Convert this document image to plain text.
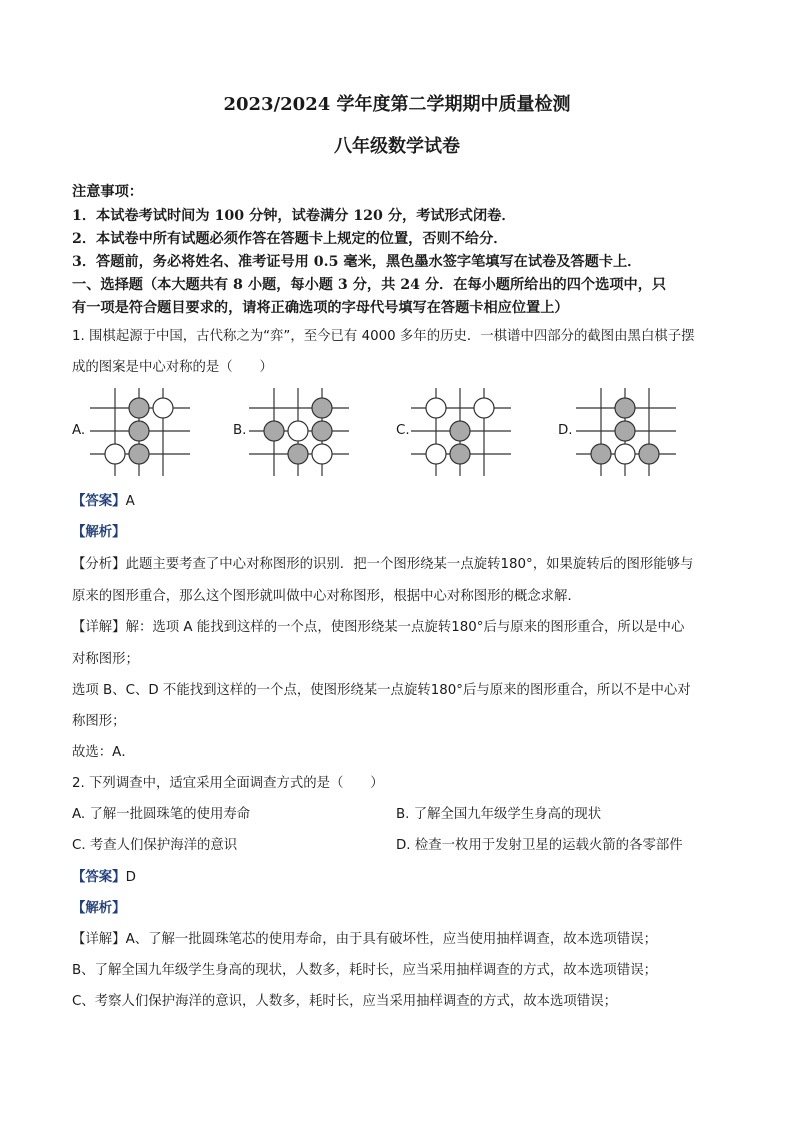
2023/2024 学年度第二学期期中质量检测
八年级数学试卷
注意事项：
1．本试卷考试时间为 100 分钟，试卷满分 120 分，考试形式闭卷．
2．本试卷中所有试题必须作答在答题卡上规定的位置，否则不给分．
3．答题前，务必将姓名、准考证号用 0.5 毫米，黑色墨水签字笔填写在试卷及答题卡上．
一、选择题（本大题共有 8 小题，每小题 3 分，共 24 分．在每小题所给出的四个选项中，只
有一项是符合题目要求的，请将正确选项的字母代号填写在答题卡相应位置上）
1. 围棋起源于中国，古代称之为“弈”，至今已有 4000 多年的历史．一棋谱中四部分的截图由黑白棋子摆
成的图案是中心对称的是（　　）
A.	B.	C.	D.
【答案】A
【解析】
【分析】此题主要考查了中心对称图形的识别．把一个图形绕某一点旋转180°，如果旋转后的图形能够与
原来的图形重合，那么这个图形就叫做中心对称图形，根据中心对称图形的概念求解．
【详解】解：选项 A 能找到这样的一个点，使图形绕某一点旋转180°后与原来的图形重合，所以是中心
对称图形；
选项 B、C、D 不能找到这样的一个点，使图形绕某一点旋转180°后与原来的图形重合，所以不是中心对
称图形；
故选：A．
2. 下列调查中，适宜采用全面调查方式的是（　　）
A. 了解一批圆珠笔的使用寿命	B. 了解全国九年级学生身高的现状
C. 考查人们保护海洋的意识	D. 检查一枚用于发射卫星的运载火箭的各零部件
【答案】D
【解析】
【详解】A、了解一批圆珠笔芯的使用寿命，由于具有破坏性，应当使用抽样调查，故本选项错误；
B、了解全国九年级学生身高的现状，人数多，耗时长，应当采用抽样调查的方式，故本选项错误；
C、考察人们保护海洋的意识，人数多，耗时长，应当采用抽样调查的方式，故本选项错误；
